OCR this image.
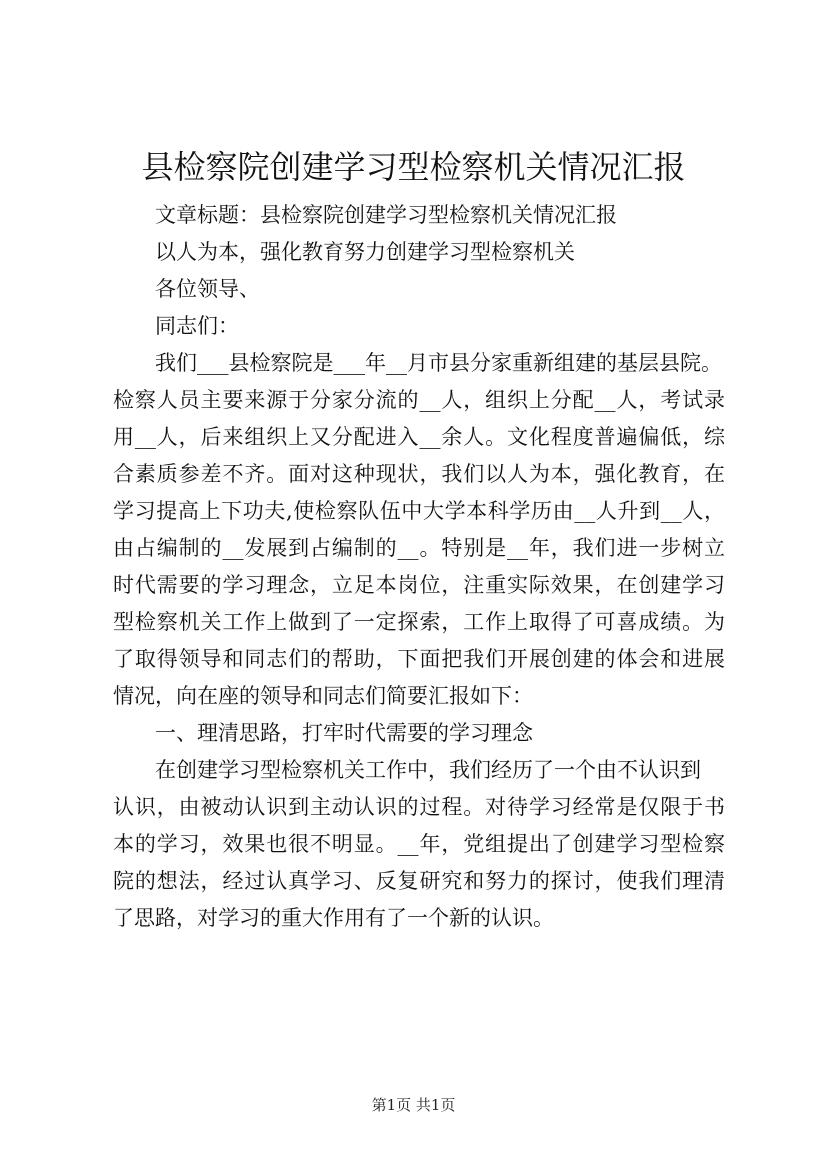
县检察院创建学习型检察机关情况汇报
文章标题：县检察院创建学习型检察机关情况汇报
以人为本，强化教育努力创建学习型检察机关
各位领导、
同志们：
我们___县检察院是___年__月市县分家重新组建的基层县院。
检察人员主要来源于分家分流的__人，组织上分配__人，考试录
用__人，后来组织上又分配进入__余人。文化程度普遍偏低，综
合素质参差不齐。面对这种现状，我们以人为本，强化教育，在
学习提高上下功夫,使检察队伍中大学本科学历由__人升到__人，
由占编制的__发展到占编制的__。特别是__年，我们进一步树立
时代需要的学习理念，立足本岗位，注重实际效果，在创建学习
型检察机关工作上做到了一定探索，工作上取得了可喜成绩。为
了取得领导和同志们的帮助，下面把我们开展创建的体会和进展
情况，向在座的领导和同志们简要汇报如下：
一、理清思路，打牢时代需要的学习理念
在创建学习型检察机关工作中，我们经历了一个由不认识到
认识，由被动认识到主动认识的过程。对待学习经常是仅限于书
本的学习，效果也很不明显。__年，党组提出了创建学习型检察
院的想法，经过认真学习、反复研究和努力的探讨，使我们理清
了思路，对学习的重大作用有了一个新的认识。
第1页 共1页
